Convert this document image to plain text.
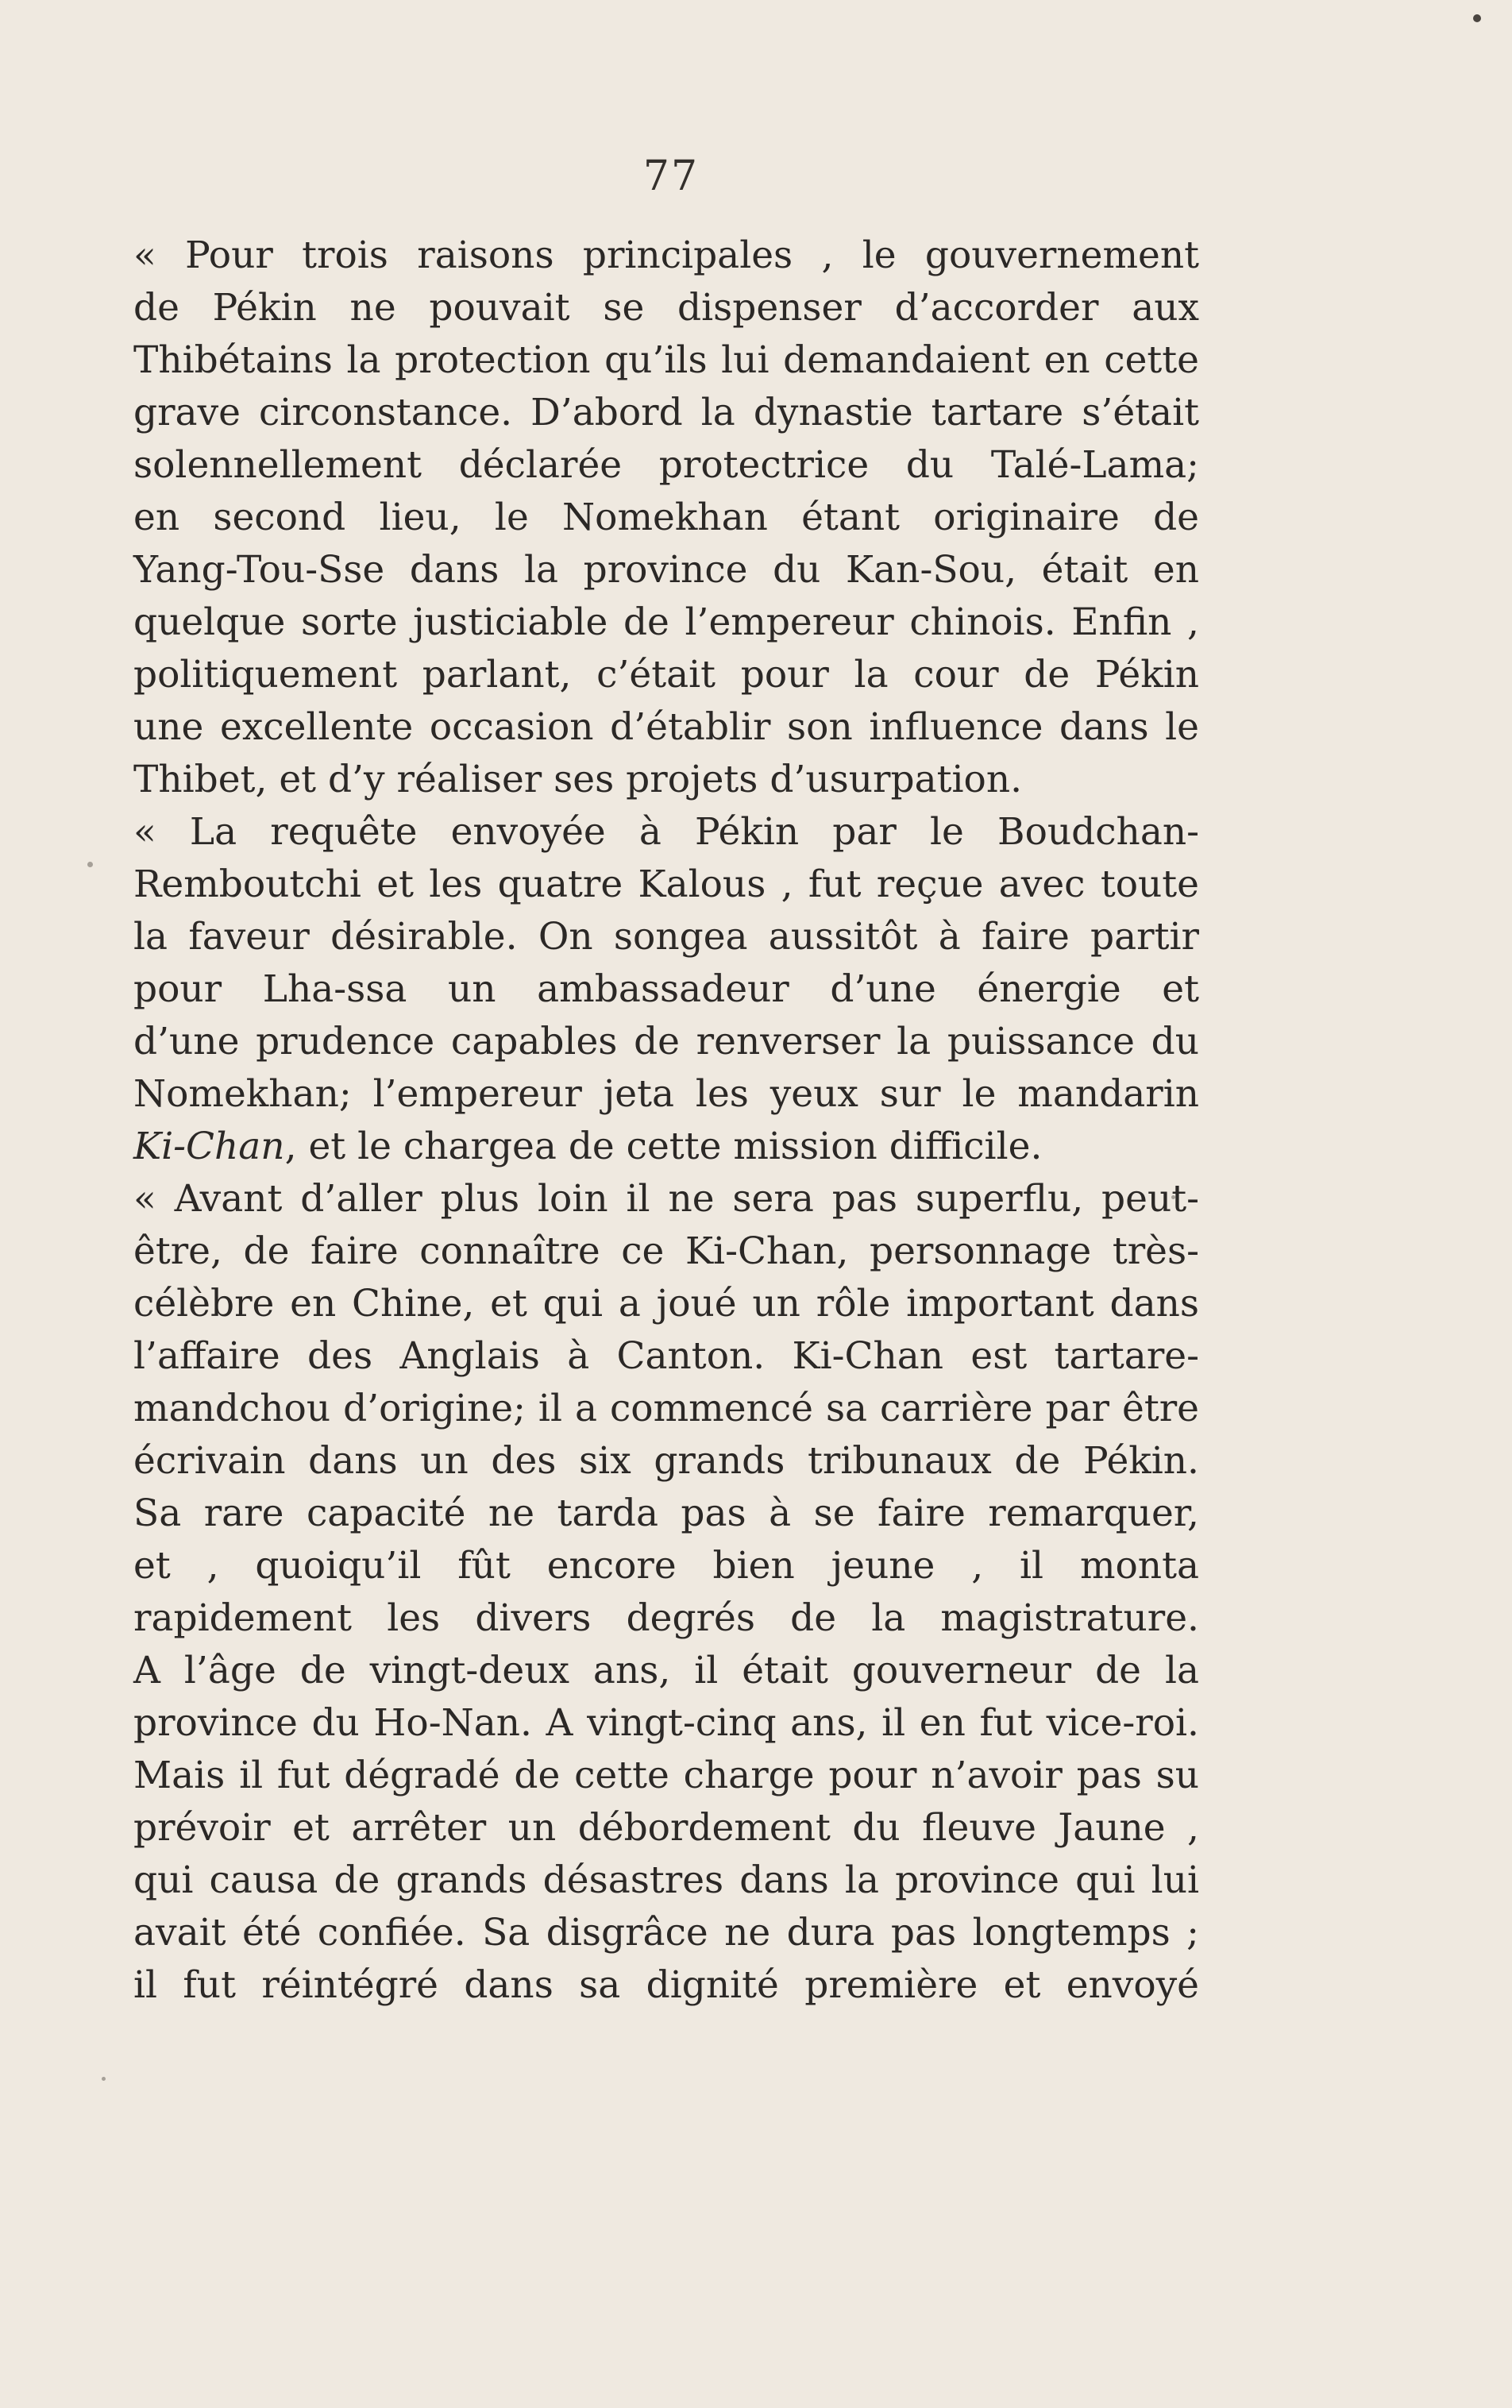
77
« Pour trois raisons principales , le gouvernement
de Pékin ne pouvait se dispenser d’accorder aux
Thibétains la protection qu’ils lui demandaient en cette
grave circonstance. D’abord la dynastie tartare s’était
solennellement déclarée protectrice du Talé-Lama;
en second lieu, le Nomekhan étant originaire de
Yang-Tou-Sse dans la province du Kan-Sou, était en
quelque sorte justiciable de l’empereur chinois. Enfin ,
politiquement parlant, c’était pour la cour de Pékin
une excellente occasion d’établir son influence dans le
Thibet, et d’y réaliser ses projets d’usurpation.
« La requête envoyée à Pékin par le Boudchan-
Remboutchi et les quatre Kalous , fut reçue avec toute
la faveur désirable. On songea aussitôt à faire partir
pour Lha-ssa un ambassadeur d’une énergie et
d’une prudence capables de renverser la puissance du
Nomekhan; l’empereur jeta les yeux sur le mandarin
Ki-Chan, et le chargea de cette mission difficile.
« Avant d’aller plus loin il ne sera pas superflu, peut-
être, de faire connaître ce Ki-Chan, personnage très-
célèbre en Chine, et qui a joué un rôle important dans
l’affaire des Anglais à Canton. Ki-Chan est tartare-
mandchou d’origine; il a commencé sa carrière par être
écrivain dans un des six grands tribunaux de Pékin.
Sa rare capacité ne tarda pas à se faire remarquer,
et , quoiqu’il fût encore bien jeune , il monta
rapidement les divers degrés de la magistrature.
A l’âge de vingt-deux ans, il était gouverneur de la
province du Ho-Nan. A vingt-cinq ans, il en fut vice-roi.
Mais il fut dégradé de cette charge pour n’avoir pas su
prévoir et arrêter un débordement du fleuve Jaune ,
qui causa de grands désastres dans la province qui lui
avait été confiée. Sa disgrâce ne dura pas longtemps ;
il fut réintégré dans sa dignité première et envoyé
